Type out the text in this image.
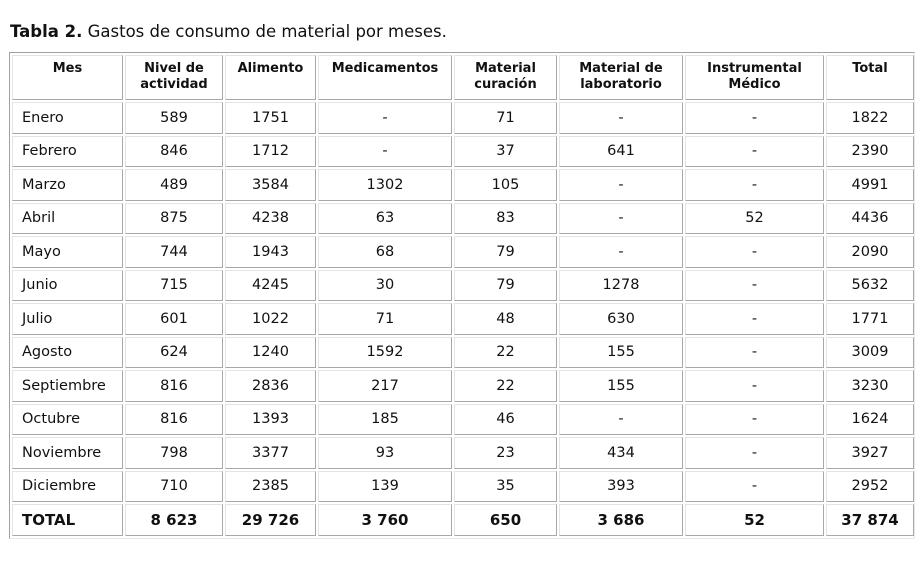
Tabla 2. Gastos de consumo de material por meses.
Mes	Nivel de actividad	Alimento	Medicamentos	Material curación	Material de laboratorio	Instrumental Médico	Total
Enero	589	1751	-	71	-	-	1822
Febrero	846	1712	-	37	641	-	2390
Marzo	489	3584	1302	105	-	-	4991
Abril	875	4238	63	83	-	52	4436
Mayo	744	1943	68	79	-	-	2090
Junio	715	4245	30	79	1278	-	5632
Julio	601	1022	71	48	630	-	1771
Agosto	624	1240	1592	22	155	-	3009
Septiembre	816	2836	217	22	155	-	3230
Octubre	816	1393	185	46	-	-	1624
Noviembre	798	3377	93	23	434	-	3927
Diciembre	710	2385	139	35	393	-	2952
TOTAL	8 623	29 726	3 760	650	3 686	52	37 874
